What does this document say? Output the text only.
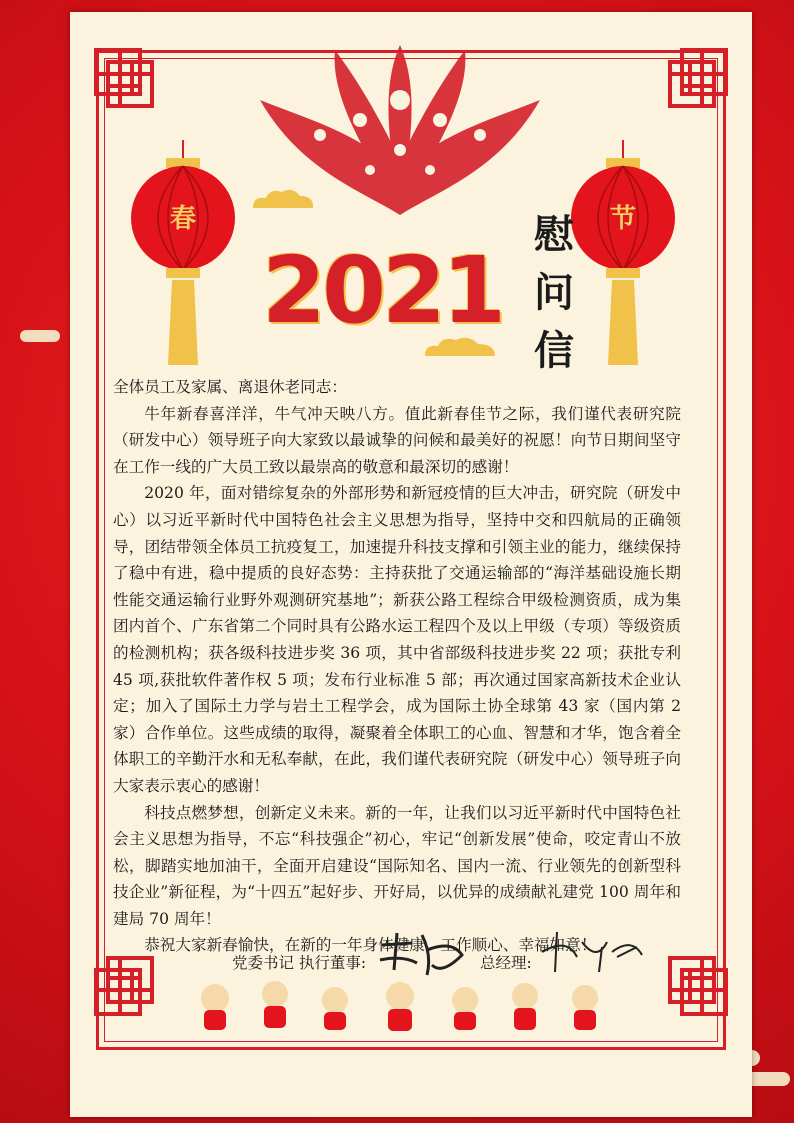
春	节
2021
慰
问
信

全体员工及家属、离退休老同志：

牛年新春喜洋洋，牛气冲天映八方。值此新春佳节之际，我们谨代表研究院（研发中心）领导班子向大家致以最诚挚的问候和最美好的祝愿！向节日期间坚守在工作一线的广大员工致以最崇高的敬意和最深切的感谢！

2020 年，面对错综复杂的外部形势和新冠疫情的巨大冲击，研究院（研发中心）以习近平新时代中国特色社会主义思想为指导，坚持中交和四航局的正确领导，团结带领全体员工抗疫复工，加速提升科技支撑和引领主业的能力，继续保持了稳中有进，稳中提质的良好态势：主持获批了交通运输部的“海洋基础设施长期性能交通运输行业野外观测研究基地”；新获公路工程综合甲级检测资质，成为集团内首个、广东省第二个同时具有公路水运工程四个及以上甲级（专项）等级资质的检测机构；获各级科技进步奖 36 项，其中省部级科技进步奖 22 项；获批专利 45 项,获批软件著作权 5 项；发布行业标准 5 部；再次通过国家高新技术企业认定；加入了国际土力学与岩土工程学会，成为国际土协全球第 43 家（国内第 2 家）合作单位。这些成绩的取得，凝聚着全体职工的心血、智慧和才华，饱含着全体职工的辛勤汗水和无私奉献，在此，我们谨代表研究院（研发中心）领导班子向大家表示衷心的感谢！

科技点燃梦想，创新定义未来。新的一年，让我们以习近平新时代中国特色社会主义思想为指导，不忘“科技强企”初心，牢记“创新发展”使命，咬定青山不放松，脚踏实地加油干，全面开启建设“国际知名、国内一流、行业领先的创新型科技企业”新征程，为“十四五”起好步、开好局，以优异的成绩献礼建党 100 周年和建局 70 周年！

恭祝大家新春愉快，在新的一年身体健康、工作顺心、幸福如意！

党委书记 执行董事:	总经理:
